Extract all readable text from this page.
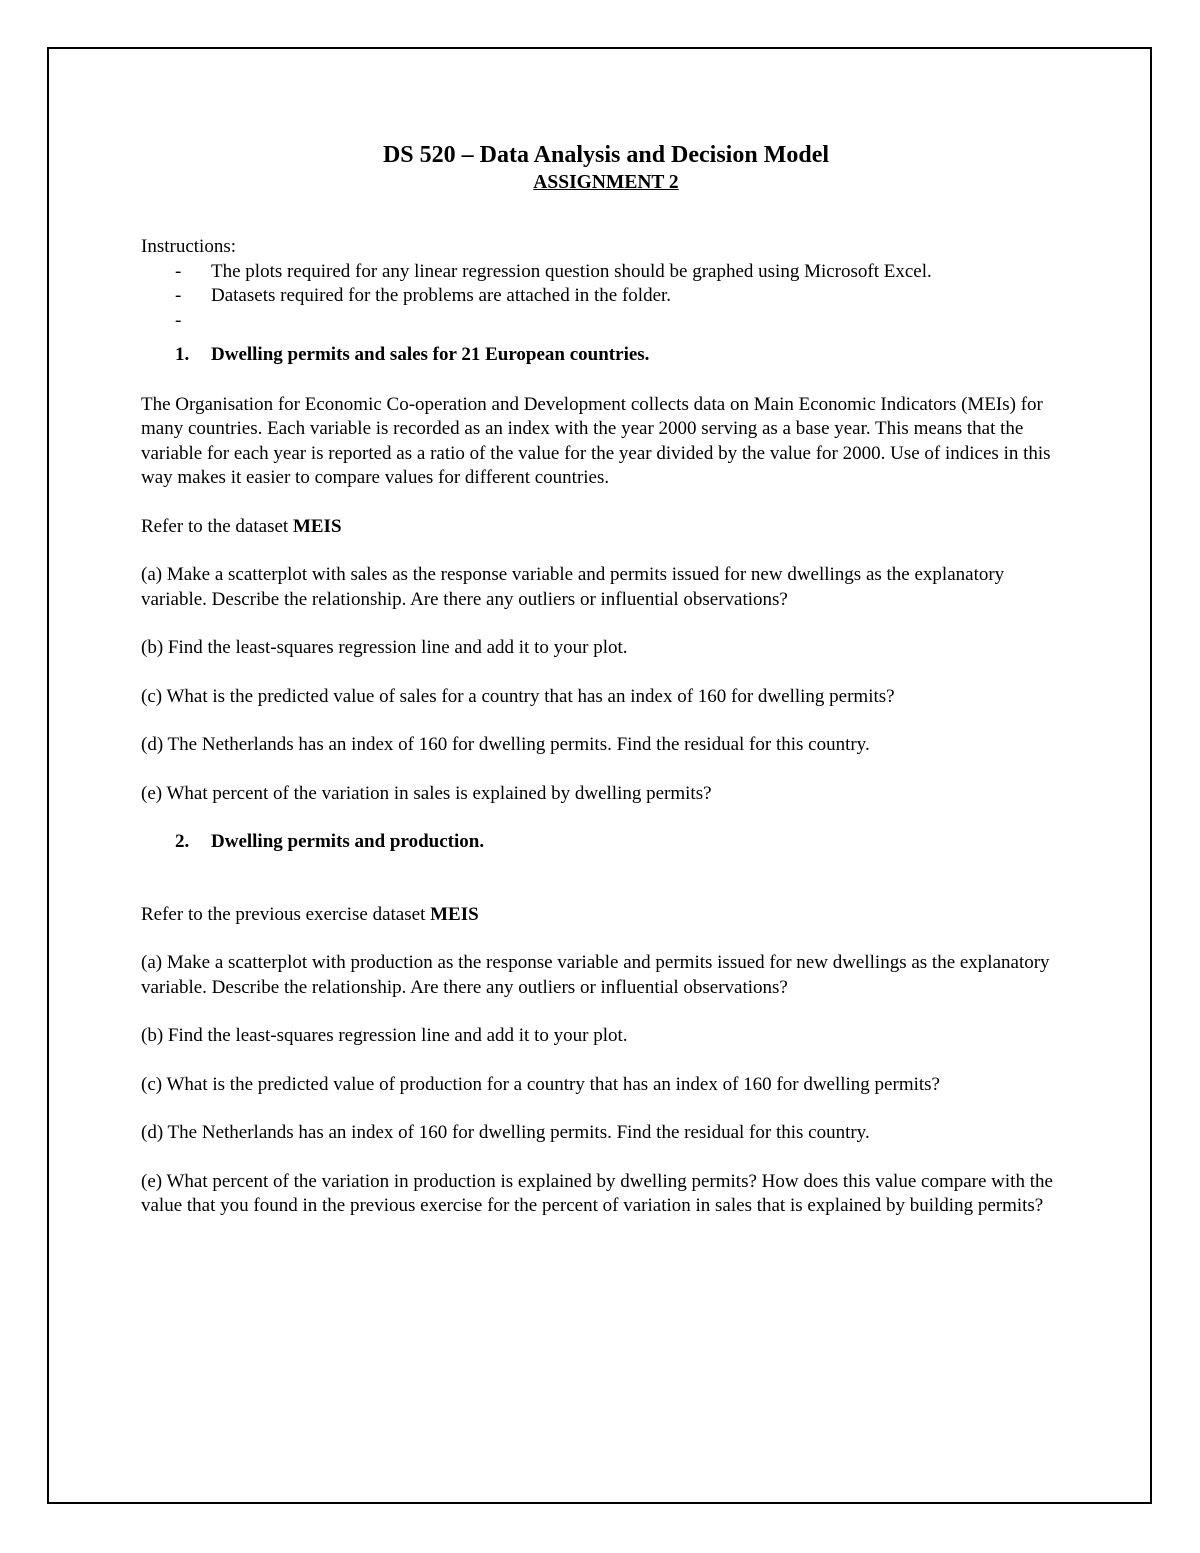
DS 520 – Data Analysis and Decision Model
ASSIGNMENT 2

Instructions:

- The plots required for any linear regression question should be graphed using Microsoft Excel.
- Datasets required for the problems are attached in the folder.
-

1. Dwelling permits and sales for 21 European countries.

The Organisation for Economic Co-operation and Development collects data on Main Economic Indicators (MEIs) for many countries. Each variable is recorded as an index with the year 2000 serving as a base year. This means that the variable for each year is reported as a ratio of the value for the year divided by the value for 2000. Use of indices in this way makes it easier to compare values for different countries.

Refer to the dataset MEIS

(a) Make a scatterplot with sales as the response variable and permits issued for new dwellings as the explanatory variable. Describe the relationship. Are there any outliers or influential observations?

(b) Find the least-squares regression line and add it to your plot.

(c) What is the predicted value of sales for a country that has an index of 160 for dwelling permits?

(d) The Netherlands has an index of 160 for dwelling permits. Find the residual for this country.

(e) What percent of the variation in sales is explained by dwelling permits?

2. Dwelling permits and production.

Refer to the previous exercise dataset MEIS

(a) Make a scatterplot with production as the response variable and permits issued for new dwellings as the explanatory variable. Describe the relationship. Are there any outliers or influential observations?

(b) Find the least-squares regression line and add it to your plot.

(c) What is the predicted value of production for a country that has an index of 160 for dwelling permits?

(d) The Netherlands has an index of 160 for dwelling permits. Find the residual for this country.

(e) What percent of the variation in production is explained by dwelling permits? How does this value compare with the value that you found in the previous exercise for the percent of variation in sales that is explained by building permits?
